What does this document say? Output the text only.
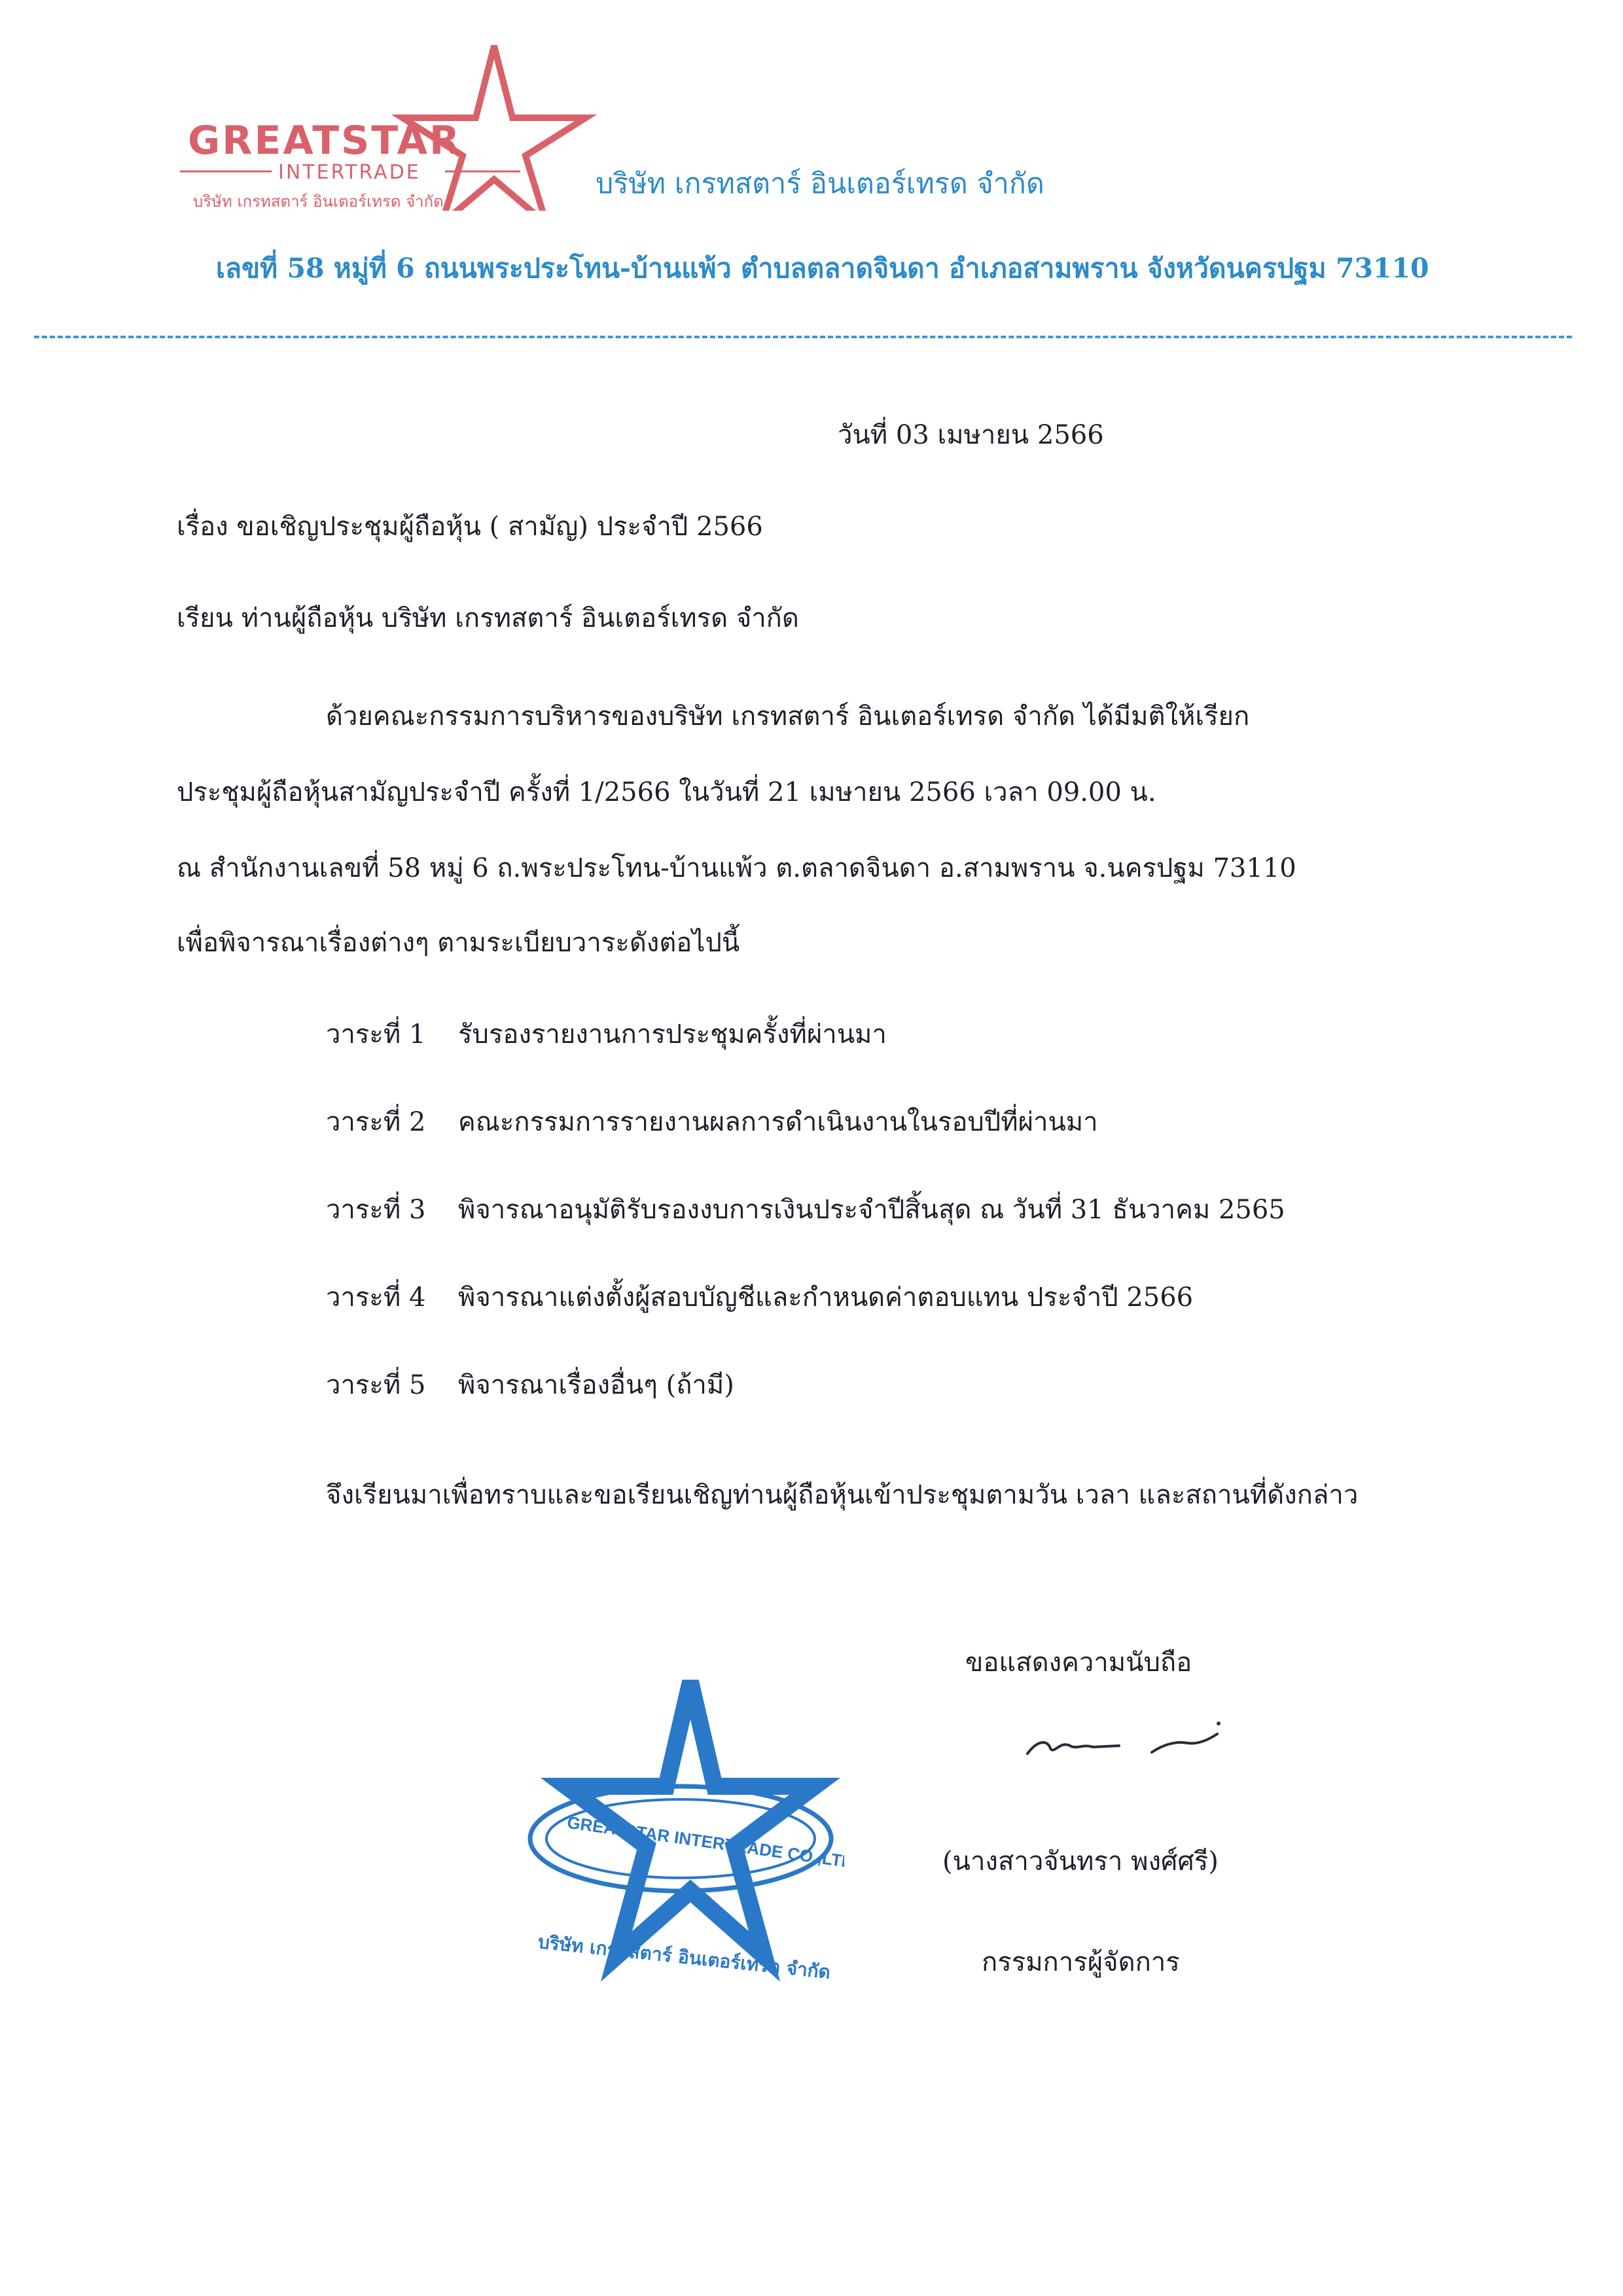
GREATSTAR
INTERTRADE
บริษัท เกรทสตาร์ อินเตอร์เทรด จำกัด
บริษัท เกรทสตาร์ อินเตอร์เทรด จำกัด
เลขที่ 58 หมู่ที่ 6 ถนนพระประโทน-บ้านแพ้ว ตำบลตลาดจินดา อำเภอสามพราน จังหวัดนครปฐม 73110
วันที่ 03 เมษายน 2566
เรื่อง ขอเชิญประชุมผู้ถือหุ้น ( สามัญ) ประจำปี 2566
เรียน ท่านผู้ถือหุ้น บริษัท เกรทสตาร์ อินเตอร์เทรด จำกัด
ด้วยคณะกรรมการบริหารของบริษัท เกรทสตาร์ อินเตอร์เทรด จำกัด ได้มีมติให้เรียก
ประชุมผู้ถือหุ้นสามัญประจำปี ครั้งที่ 1/2566 ในวันที่ 21 เมษายน 2566 เวลา 09.00 น.
ณ สำนักงานเลขที่ 58 หมู่ 6 ถ.พระประโทน-บ้านแพ้ว ต.ตลาดจินดา อ.สามพราน จ.นครปฐม 73110
เพื่อพิจารณาเรื่องต่างๆ ตามระเบียบวาระดังต่อไปนี้
วาระที่ 1 รับรองรายงานการประชุมครั้งที่ผ่านมา
วาระที่ 2 คณะกรรมการรายงานผลการดำเนินงานในรอบปีที่ผ่านมา
วาระที่ 3 พิจารณาอนุมัติรับรองงบการเงินประจำปีสิ้นสุด ณ วันที่ 31 ธันวาคม 2565
วาระที่ 4 พิจารณาแต่งตั้งผู้สอบบัญชีและกำหนดค่าตอบแทน ประจำปี 2566
วาระที่ 5 พิจารณาเรื่องอื่นๆ (ถ้ามี)
จึงเรียนมาเพื่อทราบและขอเรียนเชิญท่านผู้ถือหุ้นเข้าประชุมตามวัน เวลา และสถานที่ดังกล่าว
ขอแสดงความนับถือ
(นางสาวจันทรา พงศ์ศรี)
กรรมการผู้จัดการ
GREATSTAR INTERTRADE CO.,LTD.
บริษัท เกรทสตาร์ อินเตอร์เทรด จำกัด
